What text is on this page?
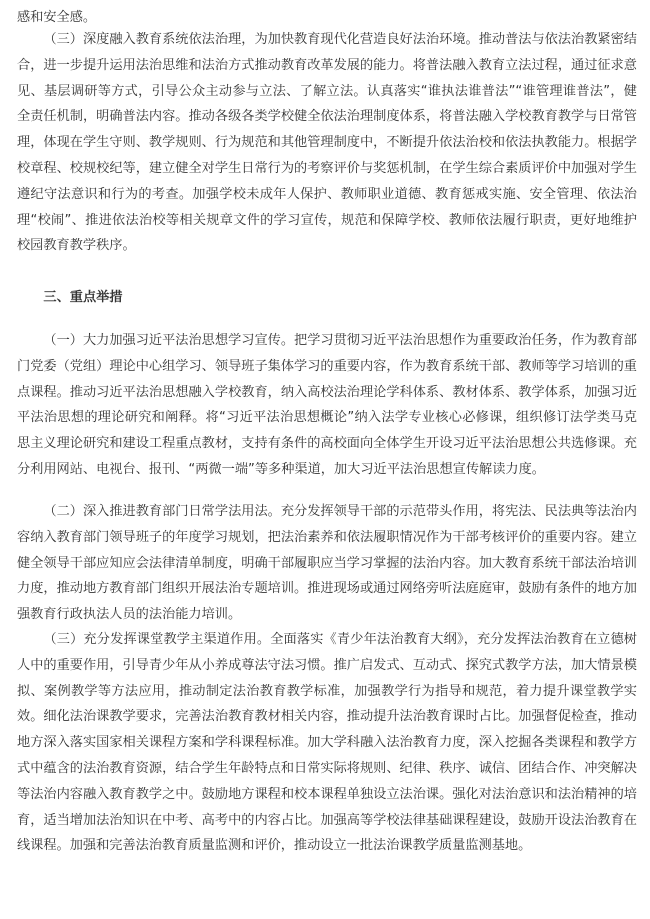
感和安全感。

（三）深度融入教育系统依法治理，为加快教育现代化营造良好法治环境。推动普法与依法治教紧密结合，进一步提升运用法治思维和法治方式推动教育改革发展的能力。将普法融入教育立法过程，通过征求意见、基层调研等方式，引导公众主动参与立法、了解立法。认真落实“谁执法谁普法”“谁管理谁普法”，健全责任机制，明确普法内容。推动各级各类学校健全依法治理制度体系，将普法融入学校教育教学与日常管理，体现在学生守则、教学规则、行为规范和其他管理制度中，不断提升依法治校和依法执教能力。根据学校章程、校规校纪等，建立健全对学生日常行为的考察评价与奖惩机制，在学生综合素质评价中加强对学生遵纪守法意识和行为的考查。加强学校未成年人保护、教师职业道德、教育惩戒实施、安全管理、依法治理“校闹”、推进依法治校等相关规章文件的学习宣传，规范和保障学校、教师依法履行职责，更好地维护校园教育教学秩序。

三、重点举措

（一）大力加强习近平法治思想学习宣传。把学习贯彻习近平法治思想作为重要政治任务，作为教育部门党委（党组）理论中心组学习、领导班子集体学习的重要内容，作为教育系统干部、教师等学习培训的重点课程。推动习近平法治思想融入学校教育，纳入高校法治理论学科体系、教材体系、教学体系，加强习近平法治思想的理论研究和阐释。将“习近平法治思想概论”纳入法学专业核心必修课，组织修订法学类马克思主义理论研究和建设工程重点教材，支持有条件的高校面向全体学生开设习近平法治思想公共选修课。充分利用网站、电视台、报刊、“两微一端”等多种渠道，加大习近平法治思想宣传解读力度。

（二）深入推进教育部门日常学法用法。充分发挥领导干部的示范带头作用，将宪法、民法典等法治内容纳入教育部门领导班子的年度学习规划，把法治素养和依法履职情况作为干部考核评价的重要内容。建立健全领导干部应知应会法律清单制度，明确干部履职应当学习掌握的法治内容。加大教育系统干部法治培训力度，推动地方教育部门组织开展法治专题培训。推进现场或通过网络旁听法庭庭审，鼓励有条件的地方加强教育行政执法人员的法治能力培训。

（三）充分发挥课堂教学主渠道作用。全面落实《青少年法治教育大纲》，充分发挥法治教育在立德树人中的重要作用，引导青少年从小养成尊法守法习惯。推广启发式、互动式、探究式教学方法，加大情景模拟、案例教学等方法应用，推动制定法治教育教学标准，加强教学行为指导和规范，着力提升课堂教学实效。细化法治课教学要求，完善法治教育教材相关内容，推动提升法治教育课时占比。加强督促检查，推动地方深入落实国家相关课程方案和学科课程标准。加大学科融入法治教育力度，深入挖掘各类课程和教学方式中蕴含的法治教育资源，结合学生年龄特点和日常实际将规则、纪律、秩序、诚信、团结合作、冲突解决等法治内容融入教育教学之中。鼓励地方课程和校本课程单独设立法治课。强化对法治意识和法治精神的培育，适当增加法治知识在中考、高考中的内容占比。加强高等学校法律基础课程建设，鼓励开设法治教育在线课程。加强和完善法治教育质量监测和评价，推动设立一批法治课教学质量监测基地。
